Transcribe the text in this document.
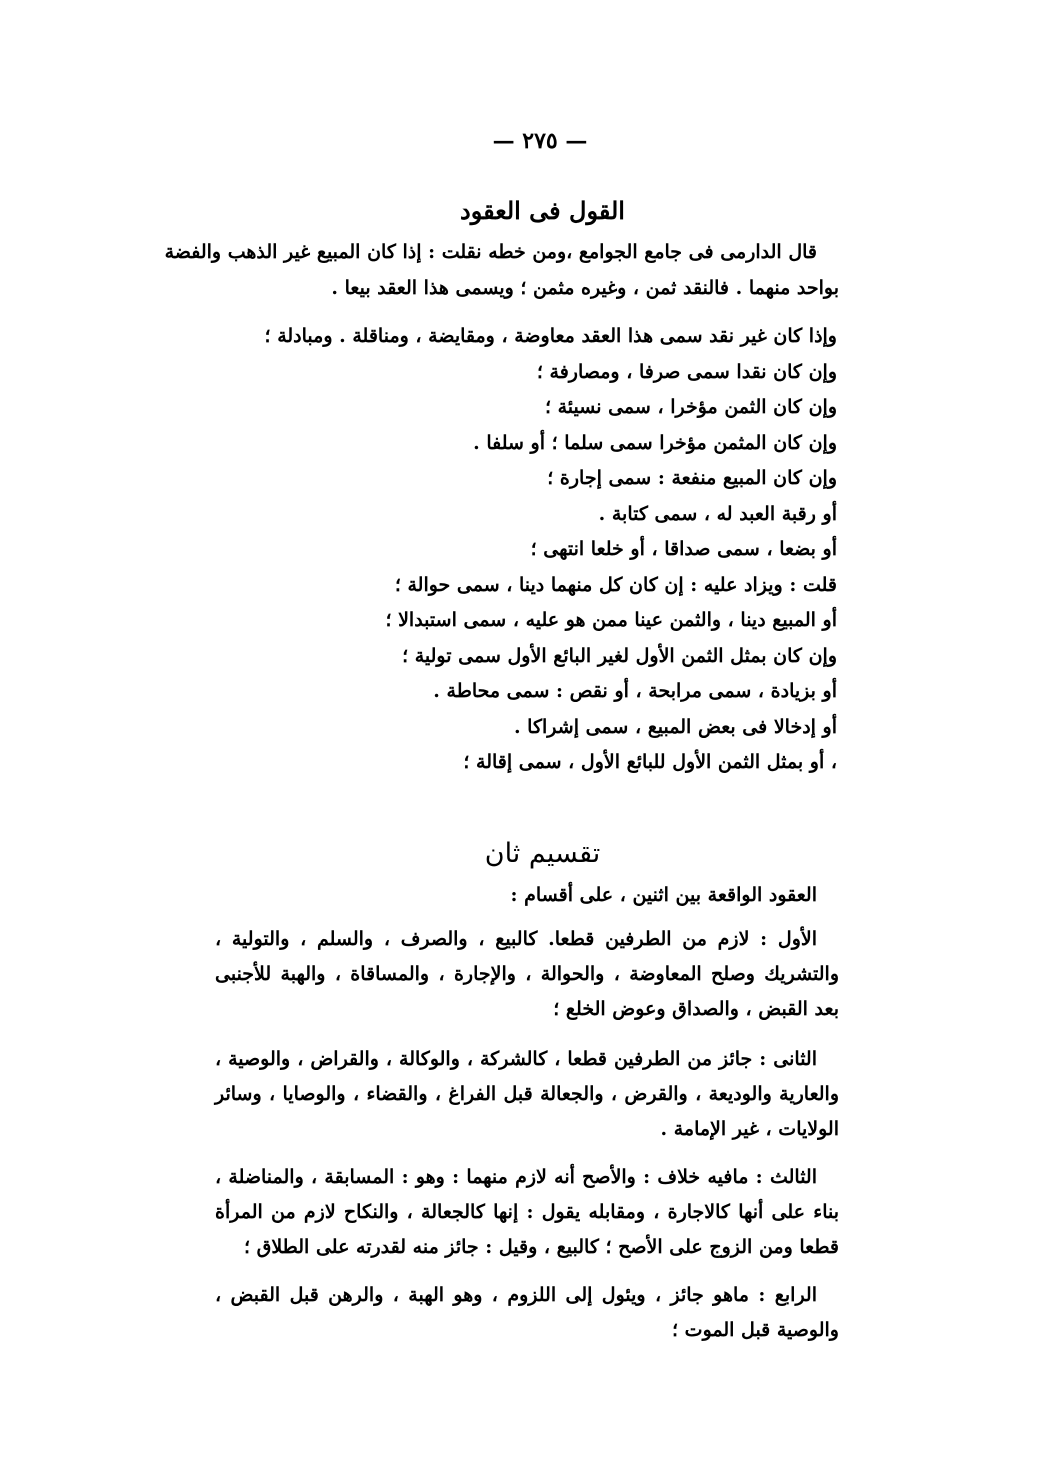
— ٢٧٥ —
القول فى العقود
قال الدارمى فى جامع الجوامع ،ومن خطه نقلت : إذا كان المبيع غير الذهب والفضة
بواحد منهما . فالنقد ثمن ، وغيره مثمن ؛ ويسمى هذا العقد بيعا .
وإذا كان غير نقد سمى هذا العقد معاوضة ، ومقايضة ، ومناقلة . ومبادلة ؛
وإن كان نقدا سمى صرفا ، ومصارفة ؛
وإن كان الثمن مؤخرا ، سمى نسيئة ؛
وإن كان المثمن مؤخرا سمى سلما ؛ أو سلفا .
وإن كان المبيع منفعة : سمى إجارة ؛
أو رقبة العبد له ، سمى كتابة .
أو بضعا ، سمى صداقا ، أو خلعا انتهى ؛
قلت : ويزاد عليه : إن كان كل منهما دينا ، سمى حوالة ؛
أو المبيع دينا ، والثمن عينا ممن هو عليه ، سمى استبدالا ؛
وإن كان بمثل الثمن الأول لغير البائع الأول سمى تولية ؛
أو بزيادة ، سمى مرابحة ، أو نقص : سمى محاطة .
أو إدخالا فى بعض المبيع ، سمى إشراكا .
، أو بمثل الثمن الأول للبائع الأول ، سمى إقالة ؛
تقسيم ثان
العقود الواقعة بين اثنين ، على أقسام :
الأول : لازم من الطرفين قطعا. كالبيع ، والصرف ، والسلم ، والتولية ، والتشريك وصلح المعاوضة ، والحوالة ، والإجارة ، والمساقاة ، والهبة للأجنبى بعد القبض ، والصداق وعوض الخلع ؛
الثانى : جائز من الطرفين قطعا ، كالشركة ، والوكالة ، والقراض ، والوصية ، والعارية والوديعة ، والقرض ، والجعالة قبل الفراغ ، والقضاء ، والوصايا ، وسائر الولايات ، غير الإمامة .
الثالث : مافيه خلاف : والأصح أنه لازم منهما : وهو : المسابقة ، والمناضلة ، بناء على أنها كالاجارة ، ومقابله يقول : إنها كالجعالة ، والنكاح لازم من المرأة قطعا ومن الزوج على الأصح ؛ كالبيع ، وقيل : جائز منه لقدرته على الطلاق ؛
الرابع : ماهو جائز ، ويئول إلى اللزوم ، وهو الهبة ، والرهن قبل القبض ، والوصية قبل الموت ؛
